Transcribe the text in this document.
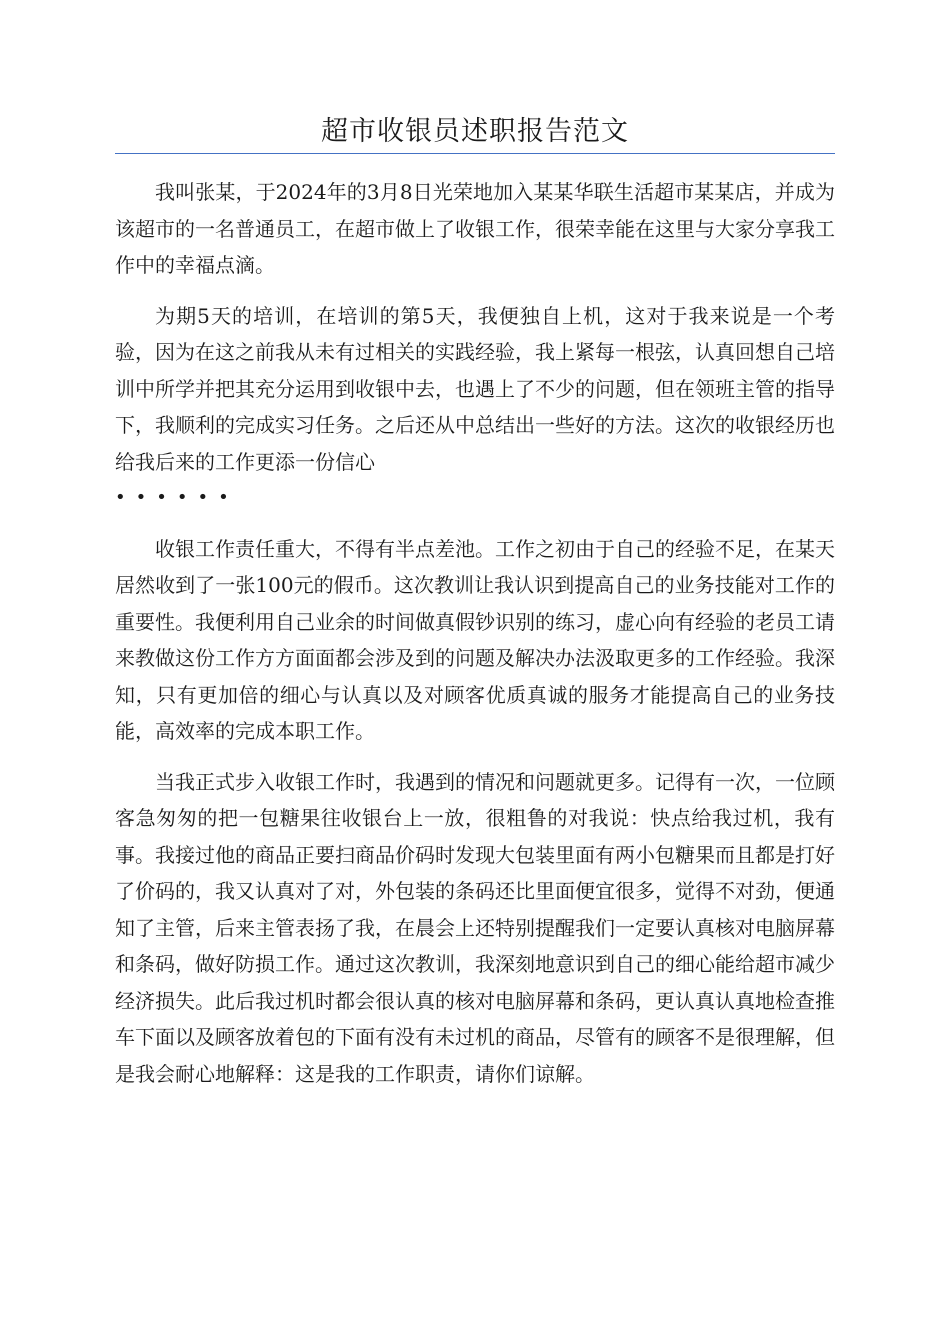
超市收银员述职报告范文

我叫张某，于2024年的3月8日光荣地加入某某华联生活超市某某店，并成为该超市的一名普通员工，在超市做上了收银工作，很荣幸能在这里与大家分享我工作中的幸福点滴。

为期5天的培训，在培训的第5天，我便独自上机，这对于我来说是一个考验，因为在这之前我从未有过相关的实践经验，我上紧每一根弦，认真回想自己培训中所学并把其充分运用到收银中去，也遇上了不少的问题，但在领班主管的指导下，我顺利的完成实习任务。之后还从中总结出一些好的方法。这次的收银经历也给我后来的工作更添一份信心
••••••

收银工作责任重大，不得有半点差池。工作之初由于自己的经验不足，在某天居然收到了一张100元的假币。这次教训让我认识到提高自己的业务技能对工作的重要性。我便利用自己业余的时间做真假钞识别的练习，虚心向有经验的老员工请来教做这份工作方方面面都会涉及到的问题及解决办法汲取更多的工作经验。我深知，只有更加倍的细心与认真以及对顾客优质真诚的服务才能提高自己的业务技能，高效率的完成本职工作。

当我正式步入收银工作时，我遇到的情况和问题就更多。记得有一次，一位顾客急匆匆的把一包糖果往收银台上一放，很粗鲁的对我说：快点给我过机，我有事。我接过他的商品正要扫商品价码时发现大包装里面有两小包糖果而且都是打好了价码的，我又认真对了对，外包装的条码还比里面便宜很多，觉得不对劲，便通知了主管，后来主管表扬了我，在晨会上还特别提醒我们一定要认真核对电脑屏幕和条码，做好防损工作。通过这次教训，我深刻地意识到自己的细心能给超市减少经济损失。此后我过机时都会很认真的核对电脑屏幕和条码，更认真认真地检查推车下面以及顾客放着包的下面有没有未过机的商品，尽管有的顾客不是很理解，但是我会耐心地解释：这是我的工作职责，请你们谅解。
